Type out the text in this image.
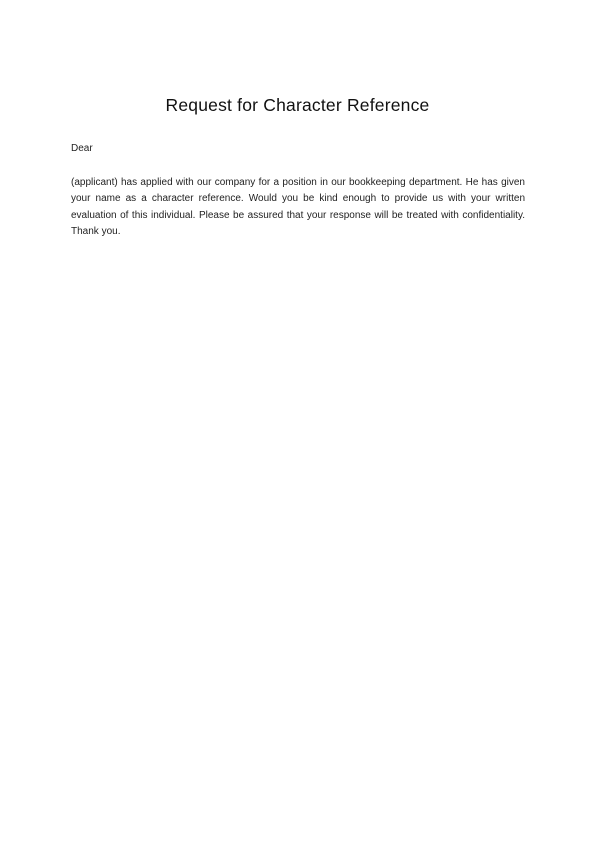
Request for Character Reference
Dear

(applicant) has applied with our company for a position in our bookkeeping department. He has given your name as a character reference. Would you be kind enough to provide us with your written evaluation of this individual. Please be assured that your response will be treated with confidentiality. Thank you.
